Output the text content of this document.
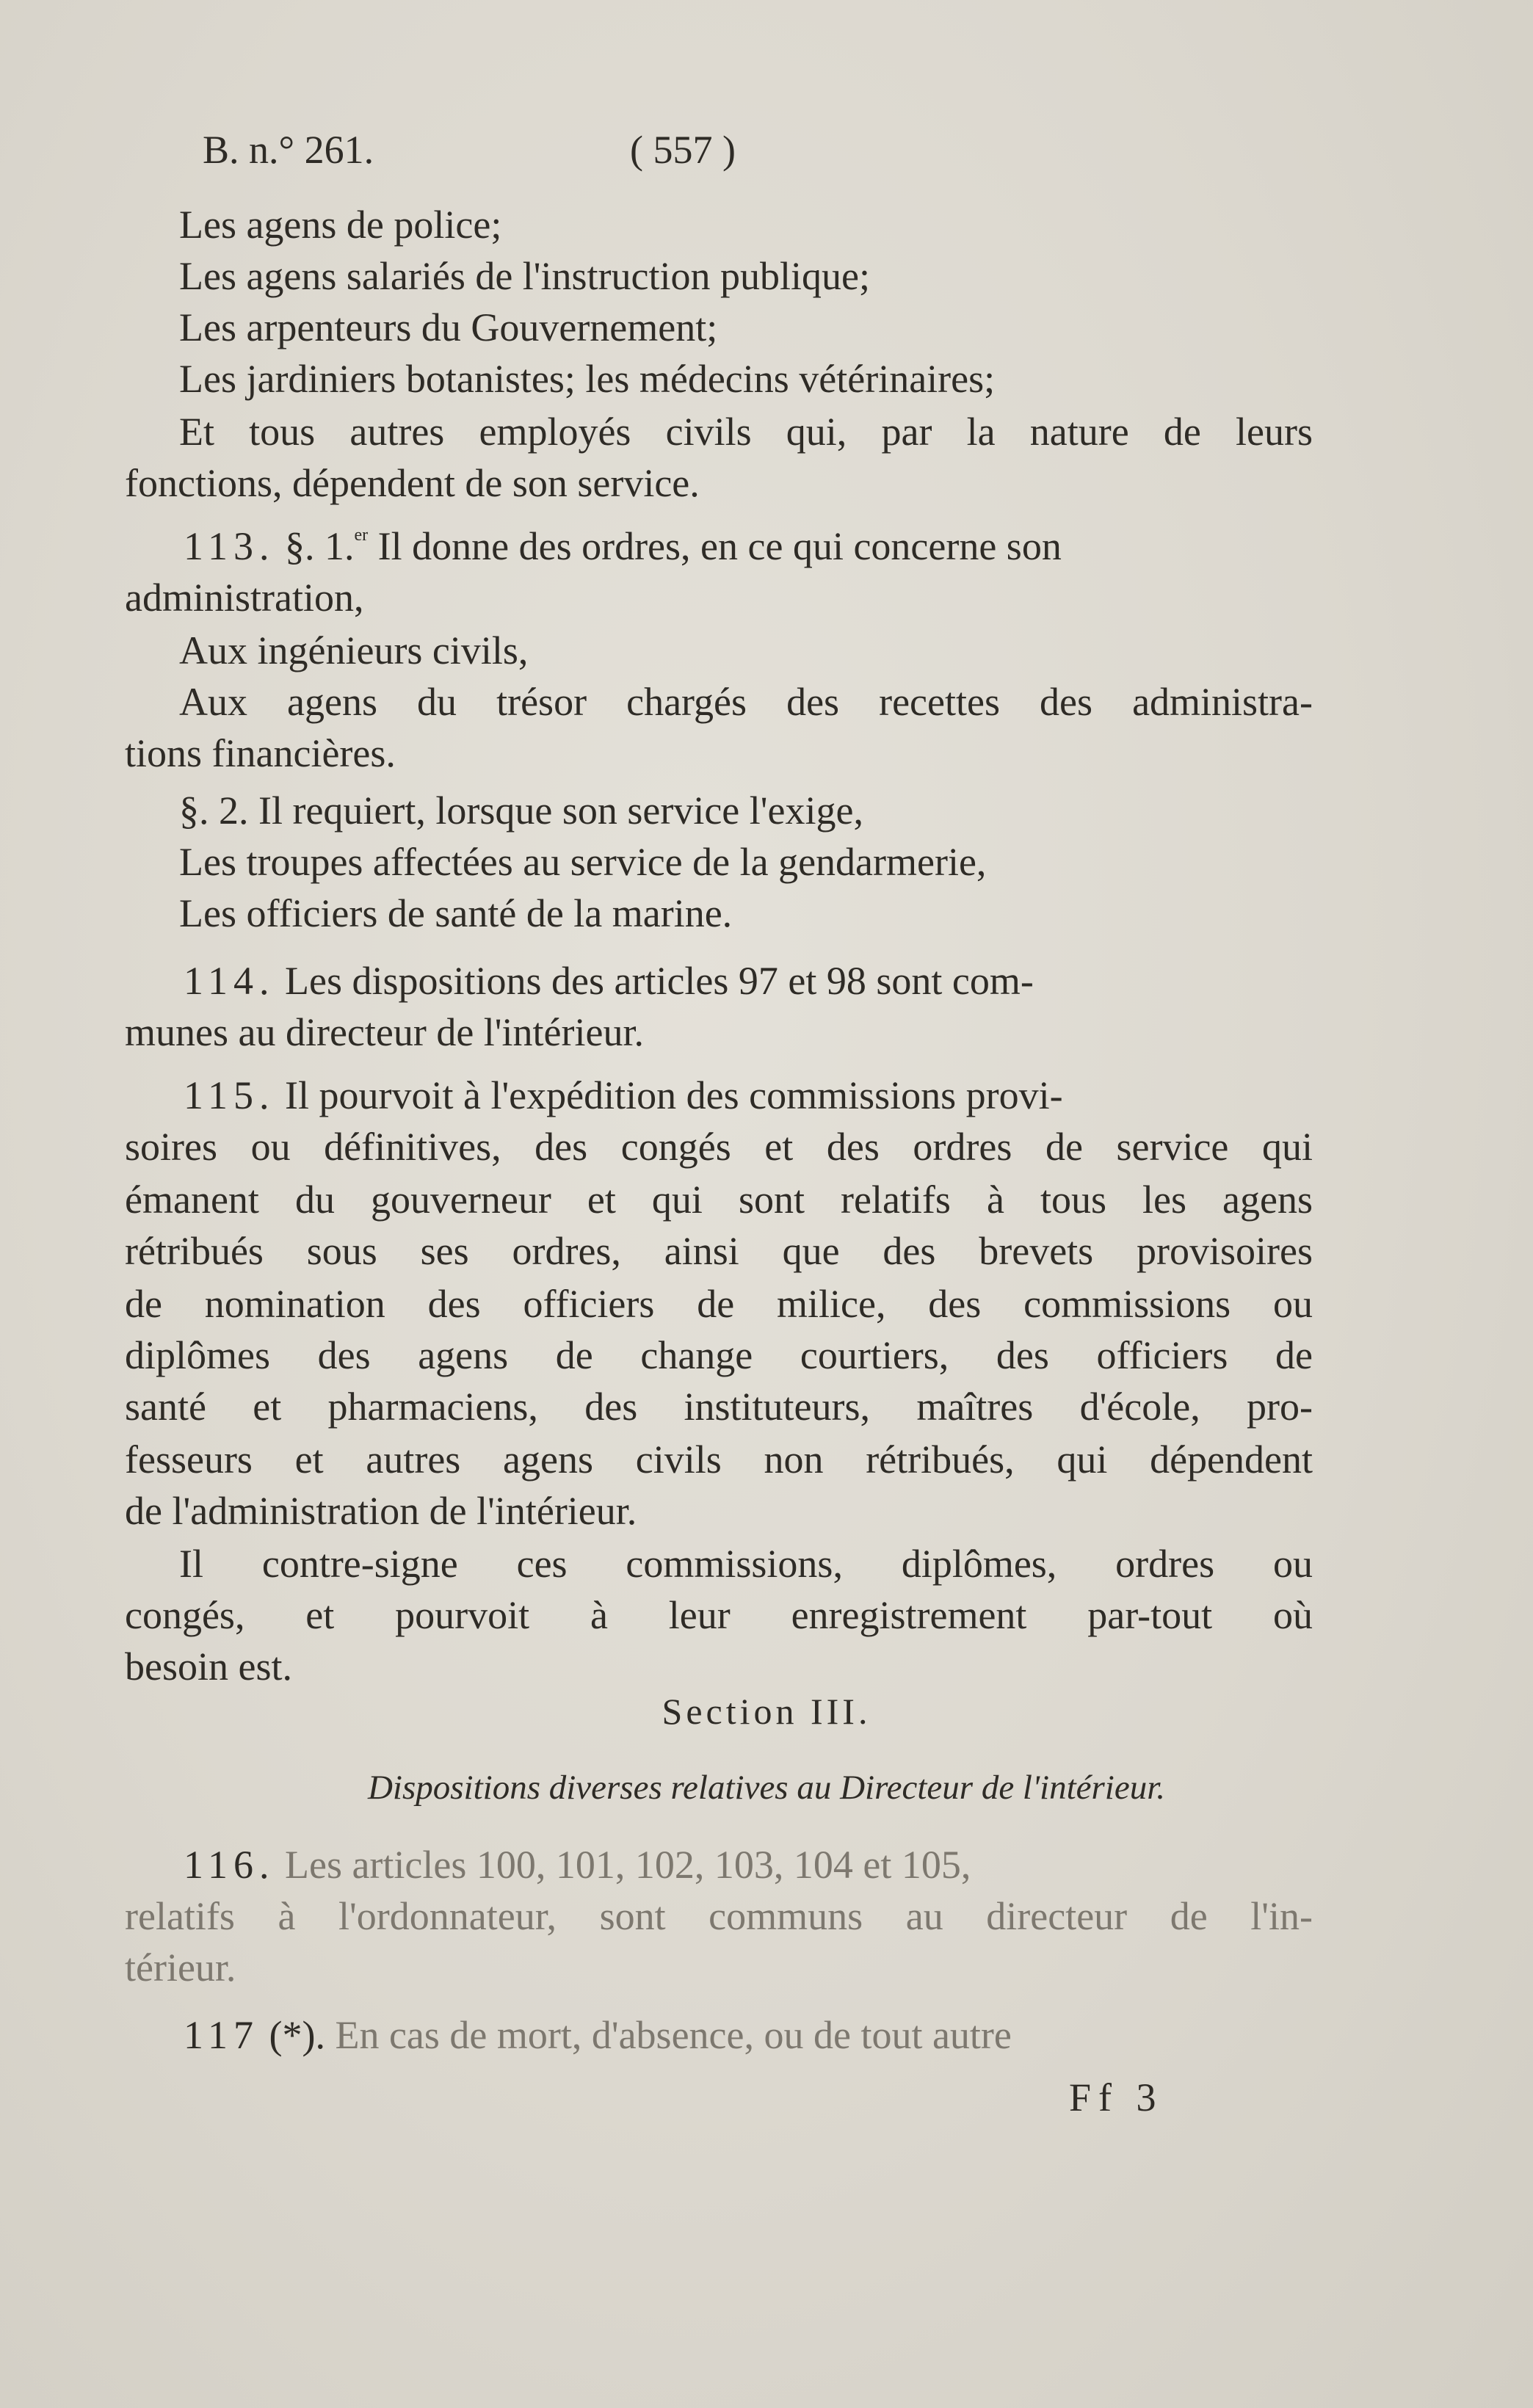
B. n.° 261.	( 557 )
Les agens de police;
Les agens salariés de l'instruction publique;
Les arpenteurs du Gouvernement;
Les jardiniers botanistes; les médecins vétérinaires;
Et tous autres employés civils qui, par la nature de leurs
fonctions, dépendent de son service.
113. §. 1.$^{er}$ Il donne des ordres, en ce qui concerne son
administration,
Aux ingénieurs civils,
Aux agens du trésor chargés des recettes des administra-
tions financières.
§. 2. Il requiert, lorsque son service l'exige,
Les troupes affectées au service de la gendarmerie,
Les officiers de santé de la marine.
114. Les dispositions des articles 97 et 98 sont com-
munes au directeur de l'intérieur.
115. Il pourvoit à l'expédition des commissions provi-
soires ou définitives, des congés et des ordres de service qui
émanent du gouverneur et qui sont relatifs à tous les agens
rétribués sous ses ordres, ainsi que des brevets provisoires
de nomination des officiers de milice, des commissions ou
diplômes des agens de change courtiers, des officiers de
santé et pharmaciens, des instituteurs, maîtres d'école, pro-
fesseurs et autres agens civils non rétribués, qui dépendent
de l'administration de l'intérieur.
Il contre-signe ces commissions, diplômes, ordres ou
congés, et pourvoit à leur enregistrement par-tout où
besoin est.
Section III.
Dispositions diverses relatives au Directeur de l'intérieur.
116. Les articles 100, 101, 102, 103, 104 et 105,
relatifs à l'ordonnateur, sont communs au directeur de l'in-
térieur.
117 (*). En cas de mort, d'absence, ou de tout autre
Ff 3
